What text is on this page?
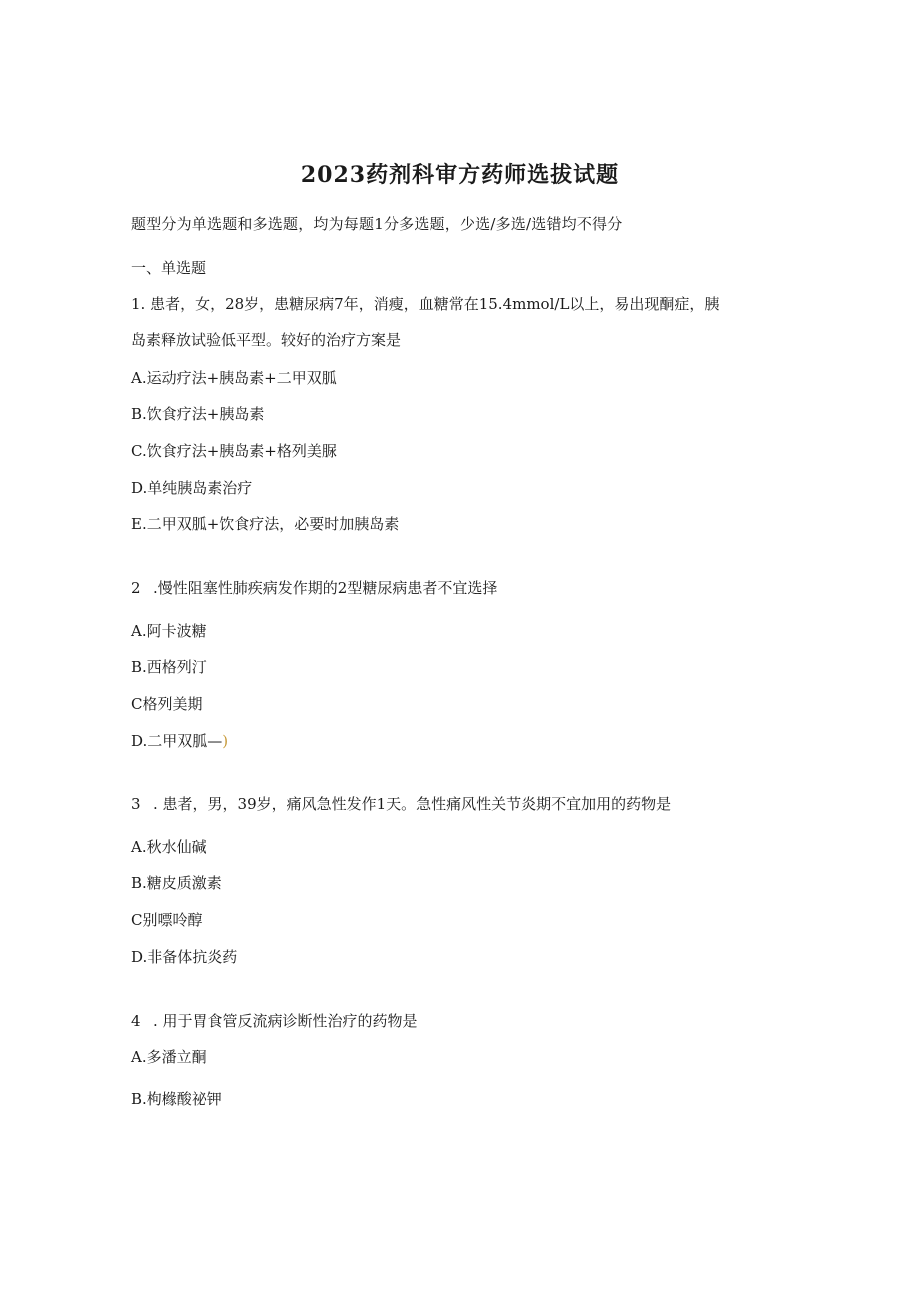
2023药剂科审方药师选拔试题
题型分为单选题和多选题，均为每题1分多选题，少选/多选/选错均不得分
一、单选题
1. 患者，女，28岁，患糖尿病7年，消瘦，血糖常在15.4mmol/L以上，易出现酮症，胰
岛素释放试验低平型。较好的治疗方案是
A.运动疗法+胰岛素+二甲双胍
B.饮食疗法+胰岛素
C.饮食疗法+胰岛素+格列美脲
D.单纯胰岛素治疗
E.二甲双胍+饮食疗法，必要时加胰岛素
2 .慢性阻塞性肺疾病发作期的2型糖尿病患者不宜选择
A.阿卡波糖
B.西格列汀
C格列美期
D.二甲双胍—)
3 . 患者，男，39岁，痛风急性发作1天。急性痛风性关节炎期不宜加用的药物是
A.秋水仙碱
B.糖皮质激素
C别嘌呤醇
D.非备体抗炎药
4 . 用于胃食管反流病诊断性治疗的药物是
A.多潘立酮
B.枸橼酸祕钾
